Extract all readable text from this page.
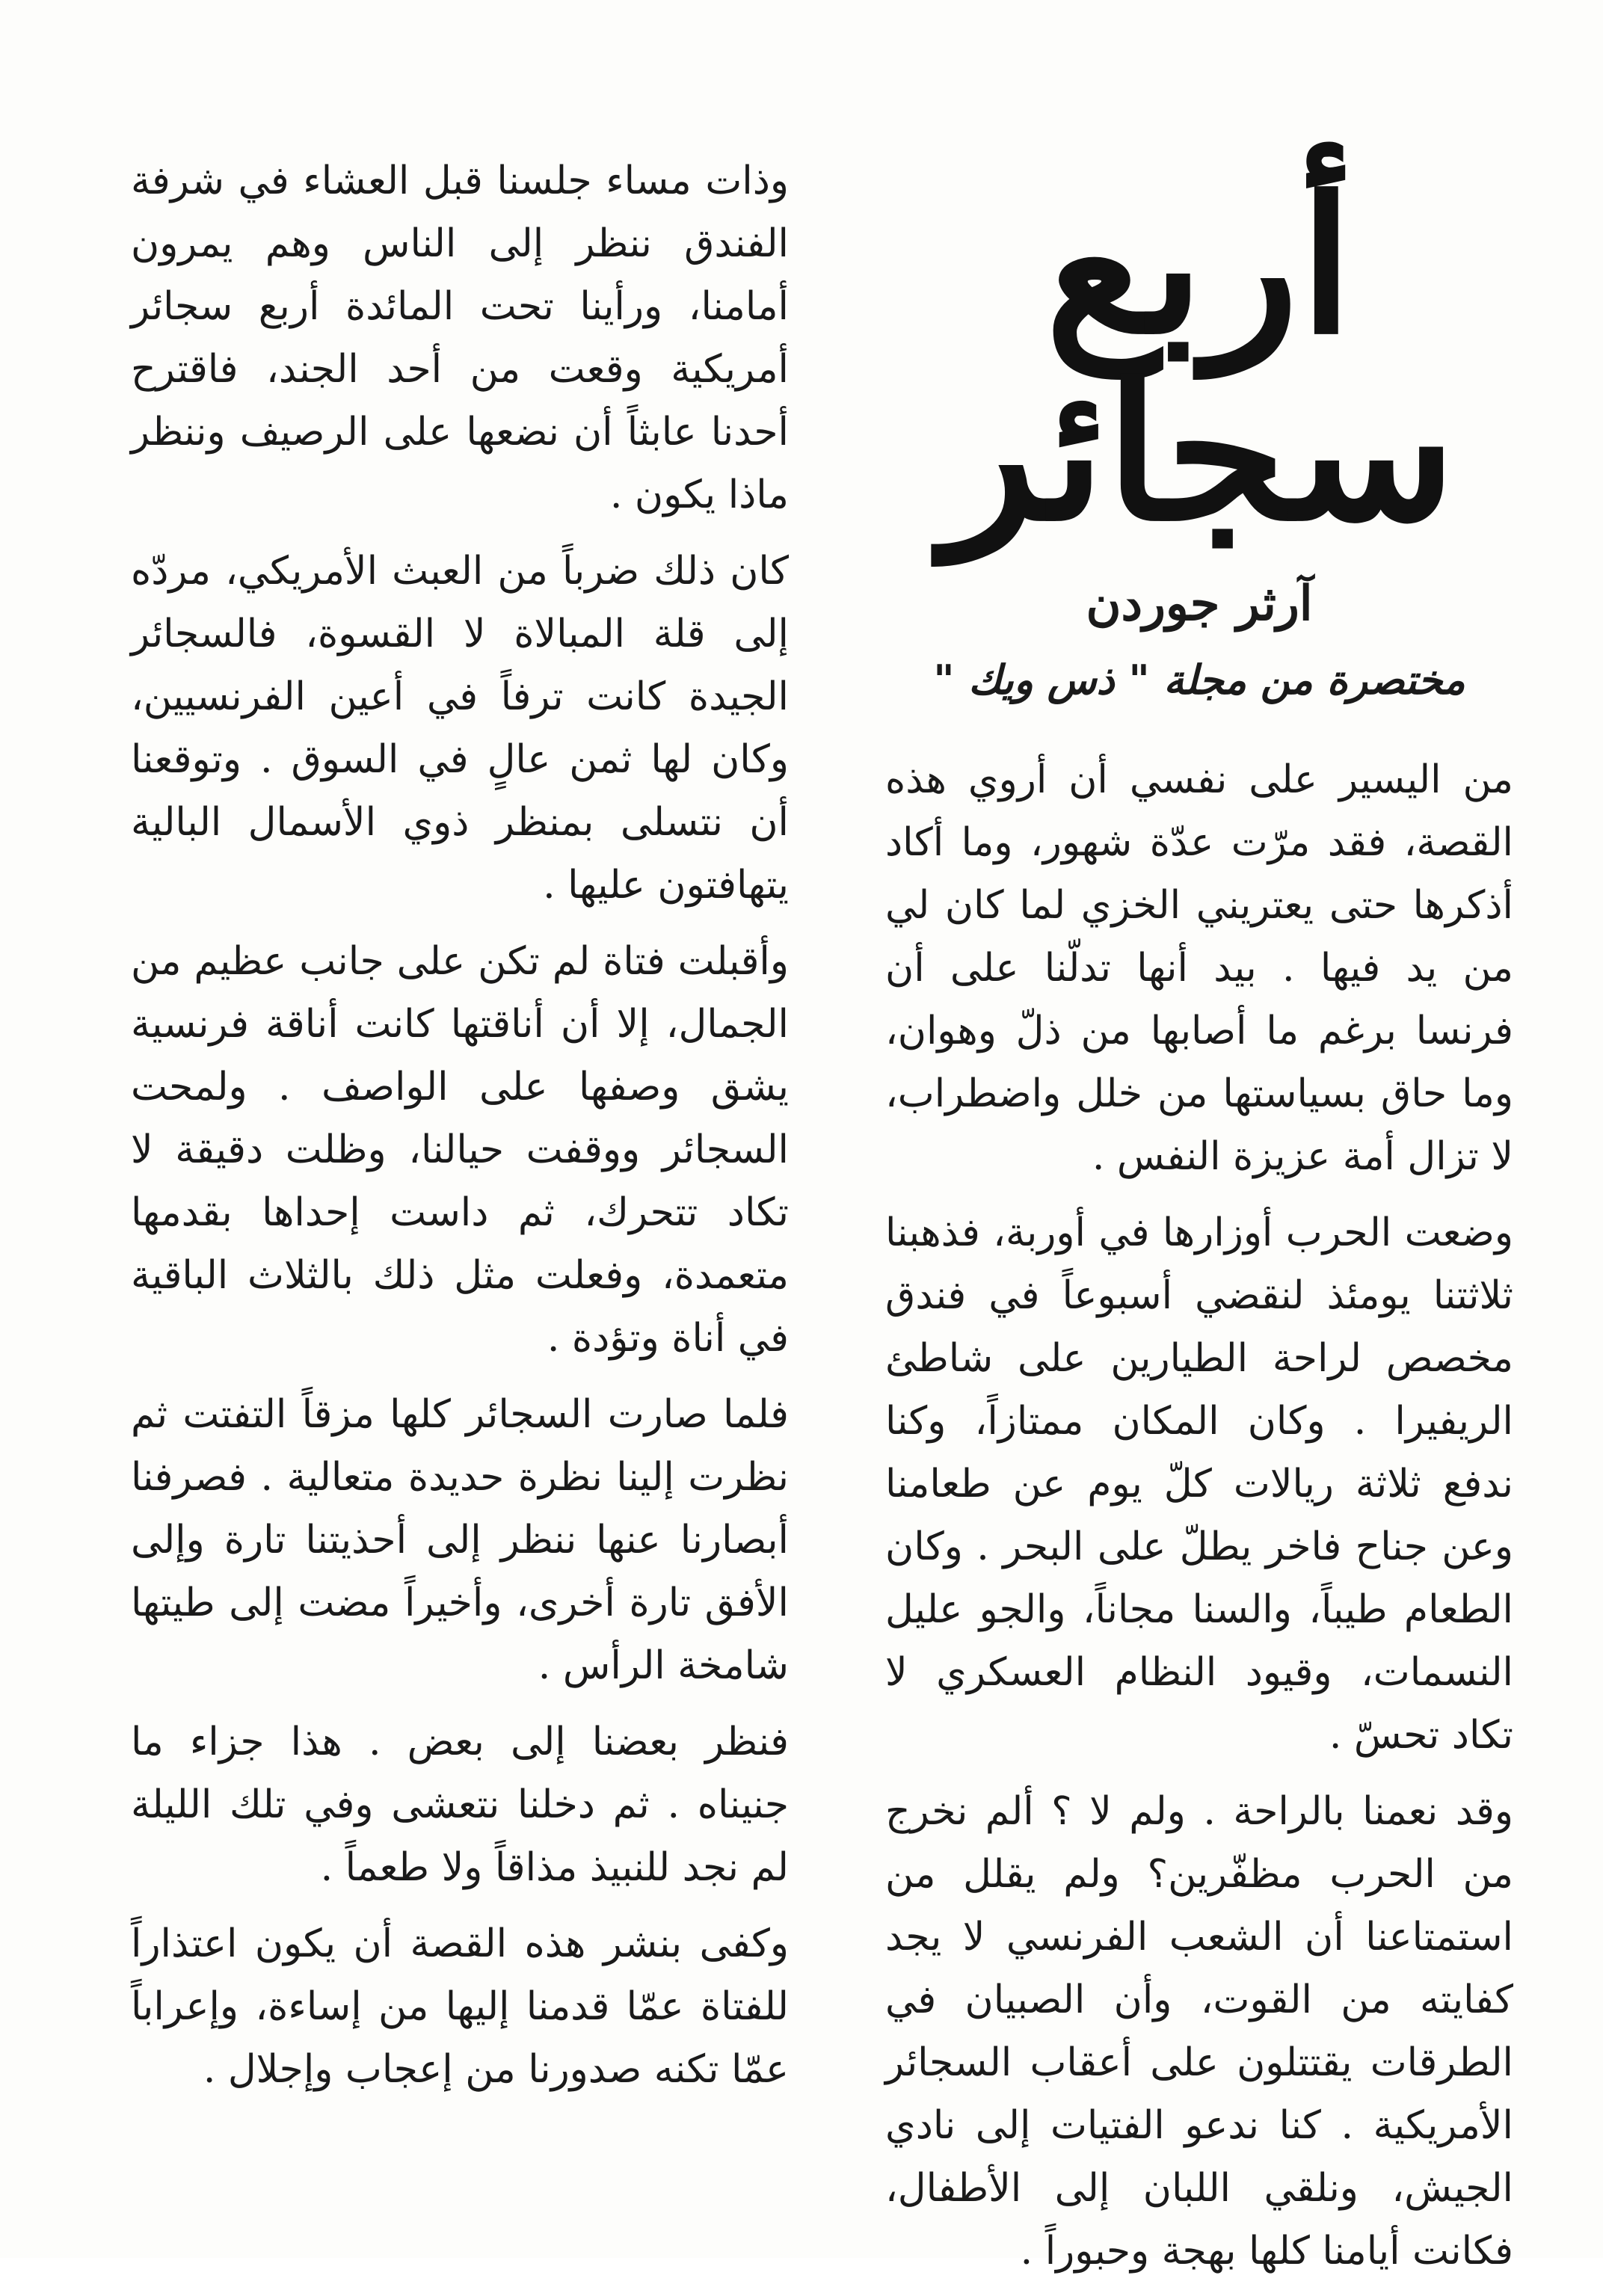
أربع سجائر
آرثر جوردن
مختصرة من مجلة " ذس ويك "

من اليسير على نفسي أن أروي هذه القصة، فقد مرّت عدّة شهور، وما أكاد أذكرها حتى يعتريني الخزي لما كان لي من يد فيها . بيد أنها تدلّنا على أن فرنسا برغم ما أصابها من ذلّ وهوان، وما حاق بسياستها من خلل واضطراب، لا تزال أمة عزيزة النفس .

وضعت الحرب أوزارها في أوربة، فذهبنا ثلاثتنا يومئذ لنقضي أسبوعاً في فندق مخصص لراحة الطيارين على شاطئ الريفيرا . وكان المكان ممتازاً، وكنا ندفع ثلاثة ريالات كلّ يوم عن طعامنا وعن جناح فاخر يطلّ على البحر . وكان الطعام طيباً، والسنا مجاناً، والجو عليل النسمات، وقيود النظام العسكري لا تكاد تحسّ .

وقد نعمنا بالراحة . ولم لا ؟ ألم نخرج من الحرب مظفّرين؟ ولم يقلل من استمتاعنا أن الشعب الفرنسي لا يجد كفايته من القوت، وأن الصبيان في الطرقات يقتتلون على أعقاب السجائر الأمريكية . كنا ندعو الفتيات إلى نادي الجيش، ونلقي اللبان إلى الأطفال، فكانت أيامنا كلها بهجة وحبوراً .

وذات مساء جلسنا قبل العشاء في شرفة الفندق ننظر إلى الناس وهم يمرون أمامنا، ورأينا تحت المائدة أربع سجائر أمريكية وقعت من أحد الجند، فاقترح أحدنا عابثاً أن نضعها على الرصيف وننظر ماذا يكون .

كان ذلك ضرباً من العبث الأمريكي، مردّه إلى قلة المبالاة لا القسوة، فالسجائر الجيدة كانت ترفاً في أعين الفرنسيين، وكان لها ثمن عالٍ في السوق . وتوقعنا أن نتسلى بمنظر ذوي الأسمال البالية يتهافتون عليها .

وأقبلت فتاة لم تكن على جانب عظيم من الجمال، إلا أن أناقتها كانت أناقة فرنسية يشق وصفها على الواصف . ولمحت السجائر ووقفت حيالنا، وظلت دقيقة لا تكاد تتحرك، ثم داست إحداها بقدمها متعمدة، وفعلت مثل ذلك بالثلاث الباقية في أناة وتؤدة .

فلما صارت السجائر كلها مزقاً التفتت ثم نظرت إلينا نظرة حديدة متعالية . فصرفنا أبصارنا عنها ننظر إلى أحذيتنا تارة وإلى الأفق تارة أخرى، وأخيراً مضت إلى طيتها شامخة الرأس .

فنظر بعضنا إلى بعض . هذا جزاء ما جنيناه . ثم دخلنا نتعشى وفي تلك الليلة لم نجد للنبيذ مذاقاً ولا طعماً .

وكفى بنشر هذه القصة أن يكون اعتذاراً للفتاة عمّا قدمنا إليها من إساءة، وإعراباً عمّا تكنه صدورنا من إعجاب وإجلال .
